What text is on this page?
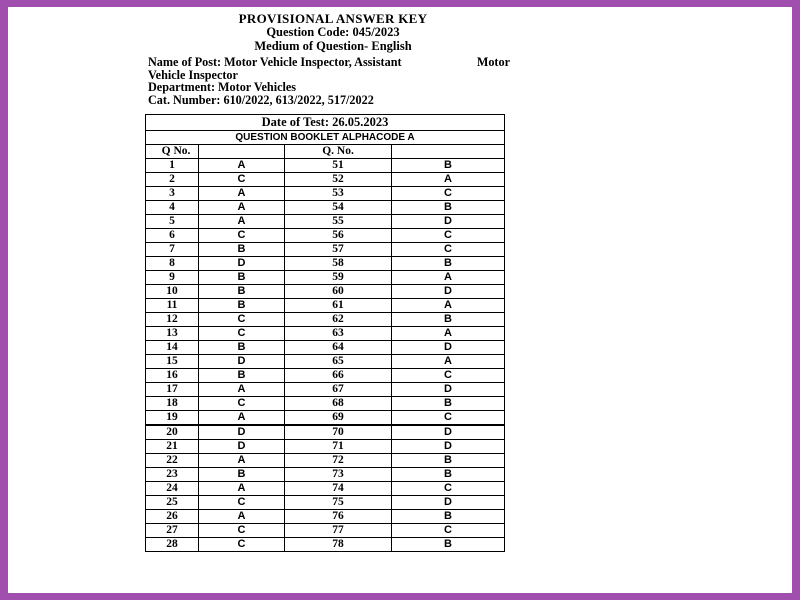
PROVISIONAL ANSWER KEY
Question Code: 045/2023
Medium of Question- English
Name of Post: Motor Vehicle Inspector, Assistant	Motor
Vehicle Inspector
Department: Motor Vehicles
Cat. Number: 610/2022, 613/2022, 517/2022
Date of Test: 26.05.2023			
QUESTION BOOKLET ALPHACODE A			
Q No.		Q. No.	
1	A	51	B
2	C	52	A
3	A	53	C
4	A	54	B
5	A	55	D
6	C	56	C
7	B	57	C
8	D	58	B
9	B	59	A
10	B	60	D
11	B	61	A
12	C	62	B
13	C	63	A
14	B	64	D
15	D	65	A
16	B	66	C
17	A	67	D
18	C	68	B
19	A	69	C
20	D	70	D
21	D	71	D
22	A	72	B
23	B	73	B
24	A	74	C
25	C	75	D
26	A	76	B
27	C	77	C
28	C	78	B
